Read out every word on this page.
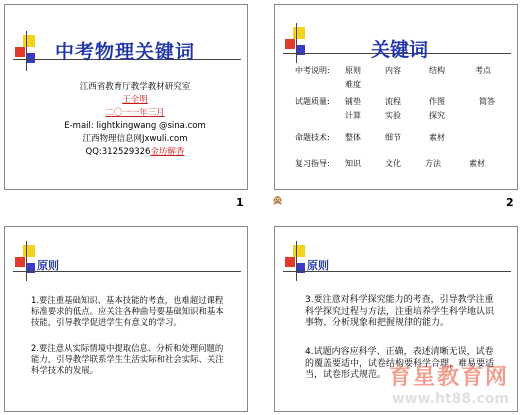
中考物理关键词
江西省教育厅教学教材研究室
王全明
二〇一一年三月
E-mail: lightkingwang @sina.com
江西物理信息网Jxwuli.com
QQ:312529326金坊解香
1	🙊
关键词
中考说明: 原则	内容	结构	考点
难度
试题质量: 铺垫	流程	作图	简答
计算	实验	探究
命题技术: 整体	细节	素材
复习指导: 知识	文化	方法	素材
2
原则
1.要注重基础知识、基本技能的考查，也难超过课程标准要求的低点。应关注各种曲号要基础知识和基本技能，引导教学促进学生有意义的学习。
2.要注意从实际情境中提取信息、分析和处理问题的能力，引导教学联系学生生活实际和社会实际、关注科学技术的发展。
原则
3.要注意对科学探究能力的考查，引导教学注重科学探究过程与方法，注重培养学生科学地认识事物、分析现象和把握规律的能力。
4.试题内容应科学、正确，表述清晰无误，试卷的覆盖要适中，试卷结构要科学合理，难易要适当，试卷形式规范。 育星教育网
www.ht88.com
